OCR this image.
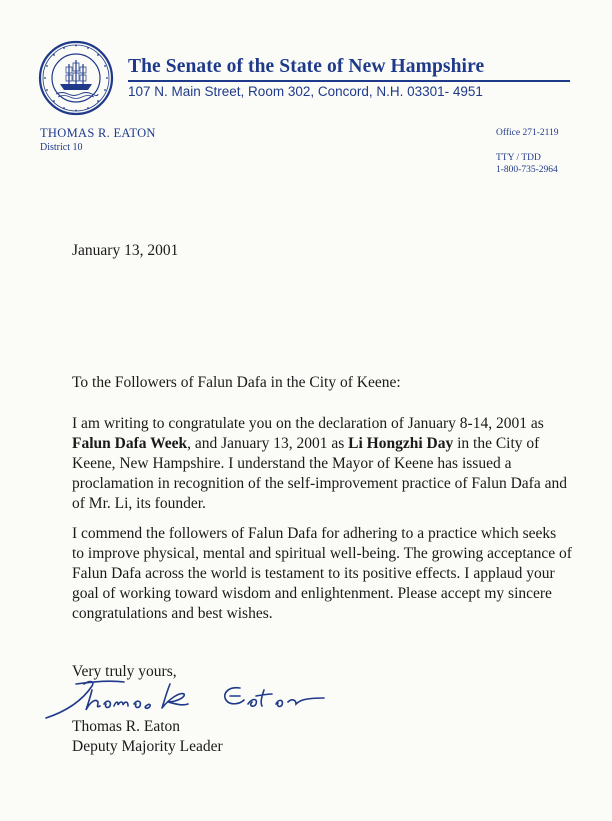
The Senate of the State of New Hampshire
107 N. Main Street, Room 302, Concord, N.H. 03301- 4951
THOMAS R. EATON
District 10
Office 271-2119
TTY / TDD
1-800-735-2964
January 13, 2001
To the Followers of Falun Dafa in the City of Keene:
I am writing to congratulate you on the declaration of January 8-14, 2001 as Falun Dafa Week, and January 13, 2001 as Li Hongzhi Day in the City of Keene, New Hampshire. I understand the Mayor of Keene has issued a proclamation in recognition of the self-improvement practice of Falun Dafa and of Mr. Li, its founder.
I commend the followers of Falun Dafa for adhering to a practice which seeks to improve physical, mental and spiritual well-being. The growing acceptance of Falun Dafa across the world is testament to its positive effects. I applaud your goal of working toward wisdom and enlightenment. Please accept my sincere congratulations and best wishes.
Very truly yours,
Thomas R. Eaton
Deputy Majority Leader
